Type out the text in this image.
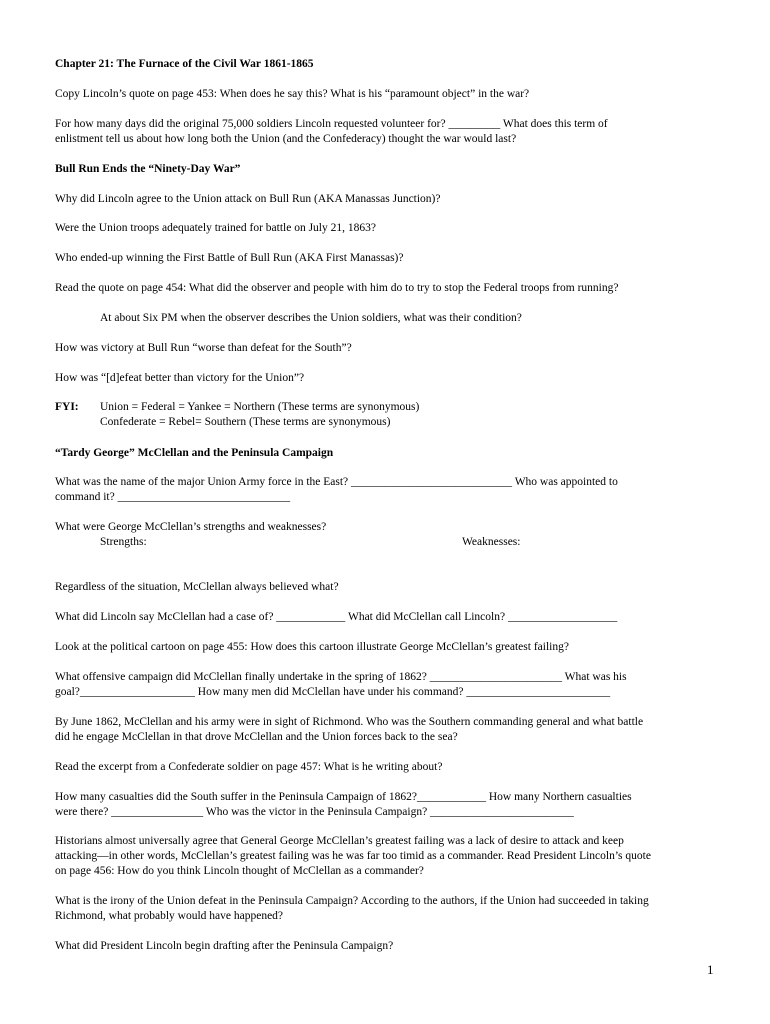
Chapter 21: The Furnace of the Civil War 1861-1865
Copy Lincoln’s quote on page 453: When does he say this? What is his “paramount object” in the war?
For how many days did the original 75,000 soldiers Lincoln requested volunteer for? _________ What does this term of
enlistment tell us about how long both the Union (and the Confederacy) thought the war would last?
Bull Run Ends the “Ninety-Day War”
Why did Lincoln agree to the Union attack on Bull Run (AKA Manassas Junction)?
Were the Union troops adequately trained for battle on July 21, 1863?
Who ended-up winning the First Battle of Bull Run (AKA First Manassas)?
Read the quote on page 454: What did the observer and people with him do to try to stop the Federal troops from running?
At about Six PM when the observer describes the Union soldiers, what was their condition?
How was victory at Bull Run “worse than defeat for the South”?
How was “[d]efeat better than victory for the Union”?
FYI: Union = Federal = Yankee = Northern (These terms are synonymous)
Confederate = Rebel= Southern (These terms are synonymous)
“Tardy George” McClellan and the Peninsula Campaign
What was the name of the major Union Army force in the East? ____________________________ Who was appointed to
command it? ______________________________
What were George McClellan’s strengths and weaknesses?
Strengths:	Weaknesses:
Regardless of the situation, McClellan always believed what?
What did Lincoln say McClellan had a case of? ____________ What did McClellan call Lincoln? ___________________
Look at the political cartoon on page 455: How does this cartoon illustrate George McClellan’s greatest failing?
What offensive campaign did McClellan finally undertake in the spring of 1862? _______________________ What was his
goal?____________________ How many men did McClellan have under his command? _________________________
By June 1862, McClellan and his army were in sight of Richmond. Who was the Southern commanding general and what battle
did he engage McClellan in that drove McClellan and the Union forces back to the sea?
Read the excerpt from a Confederate soldier on page 457: What is he writing about?
How many casualties did the South suffer in the Peninsula Campaign of 1862?____________ How many Northern casualties
were there? ________________ Who was the victor in the Peninsula Campaign? _________________________
Historians almost universally agree that General George McClellan’s greatest failing was a lack of desire to attack and keep
attacking—in other words, McClellan’s greatest failing was he was far too timid as a commander. Read President Lincoln’s quote
on page 456: How do you think Lincoln thought of McClellan as a commander?
What is the irony of the Union defeat in the Peninsula Campaign? According to the authors, if the Union had succeeded in taking
Richmond, what probably would have happened?
What did President Lincoln begin drafting after the Peninsula Campaign?
1
